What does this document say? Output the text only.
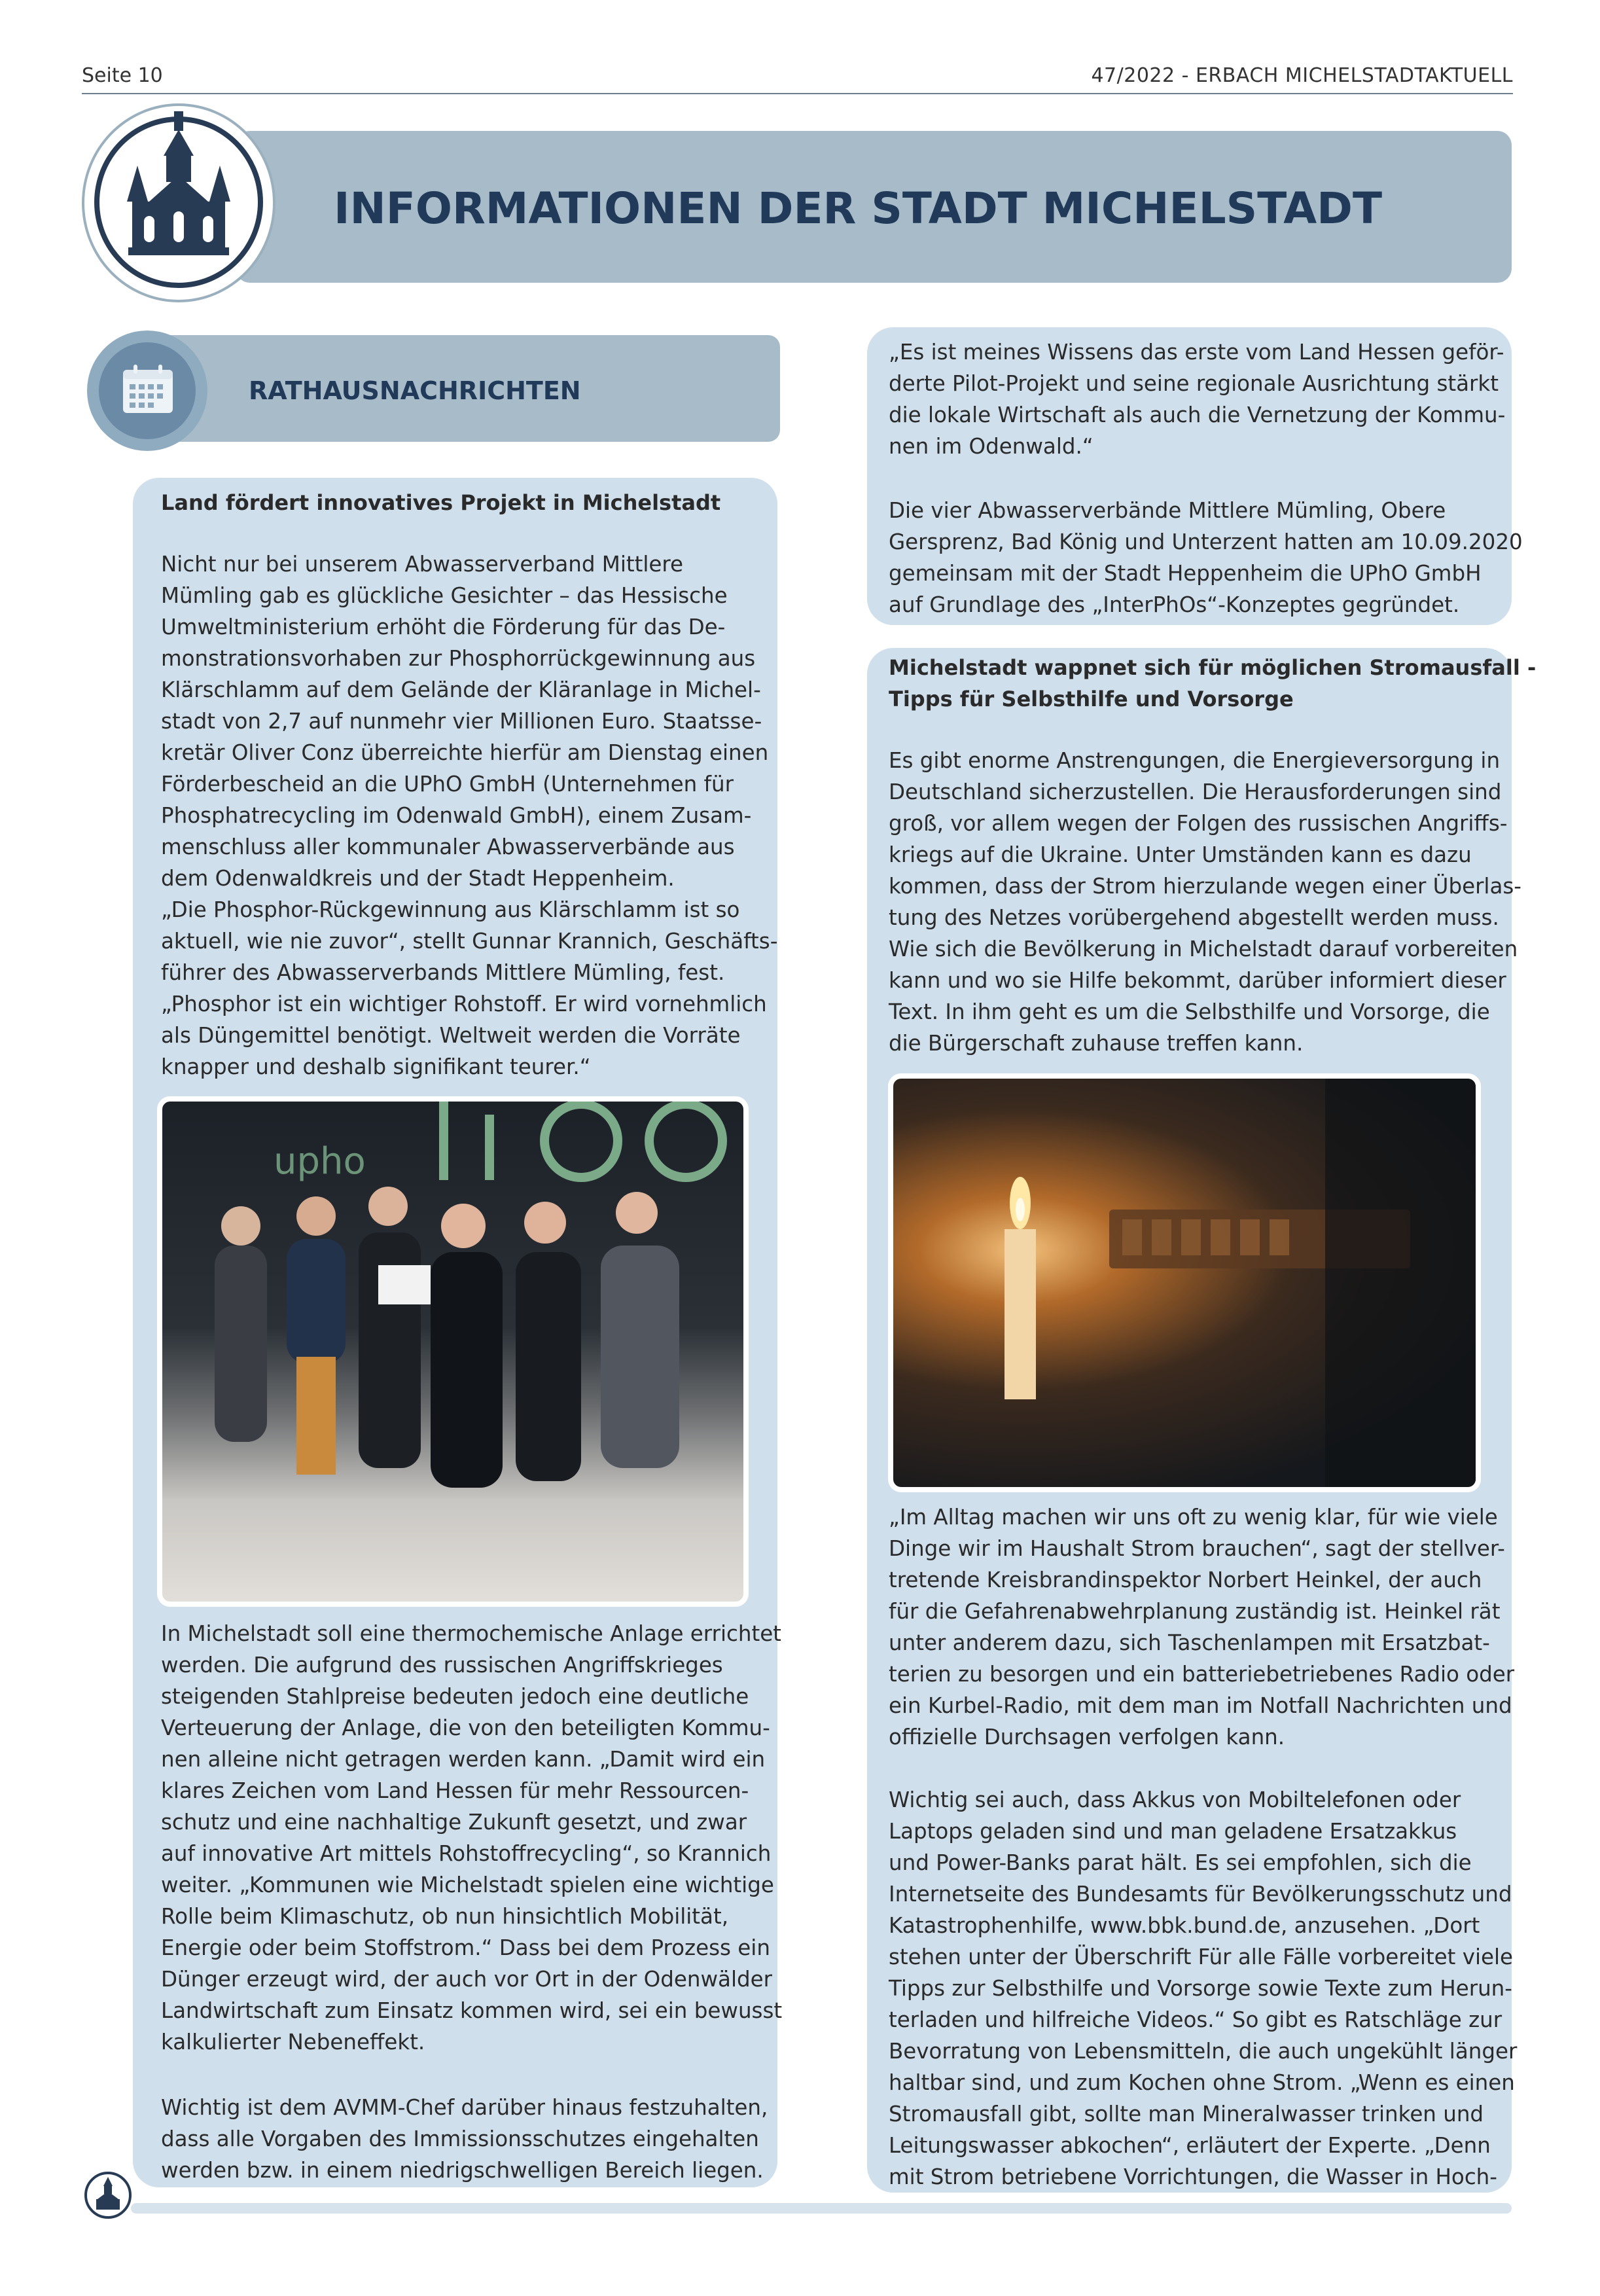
Seite 10	47/2022 - ERBACH MICHELSTADTAKTUELL
INFORMATIONEN DER STADT MICHELSTADT
RATHAUSNACHRICHTEN
Land fördert innovatives Projekt in Michelstadt
Nicht nur bei unserem Abwasserverband Mittlere
Mümling gab es glückliche Gesichter – das Hessische
Umweltministerium erhöht die Förderung für das De-
monstrationsvorhaben zur Phosphorrückgewinnung aus
Klärschlamm auf dem Gelände der Kläranlage in Michel-
stadt von 2,7 auf nunmehr vier Millionen Euro. Staatsse-
kretär Oliver Conz überreichte hierfür am Dienstag einen
Förderbescheid an die UPhO GmbH (Unternehmen für
Phosphatrecycling im Odenwald GmbH), einem Zusam-
menschluss aller kommunaler Abwasserverbände aus
dem Odenwaldkreis und der Stadt Heppenheim.
„Die Phosphor-Rückgewinnung aus Klärschlamm ist so
aktuell, wie nie zuvor“, stellt Gunnar Krannich, Geschäfts-
führer des Abwasserverbands Mittlere Mümling, fest.
„Phosphor ist ein wichtiger Rohstoff. Er wird vornehmlich
als Düngemittel benötigt. Weltweit werden die Vorräte
knapper und deshalb signifikant teurer.“
upho
In Michelstadt soll eine thermochemische Anlage errichtet
werden. Die aufgrund des russischen Angriffskrieges
steigenden Stahlpreise bedeuten jedoch eine deutliche
Verteuerung der Anlage, die von den beteiligten Kommu-
nen alleine nicht getragen werden kann. „Damit wird ein
klares Zeichen vom Land Hessen für mehr Ressourcen-
schutz und eine nachhaltige Zukunft gesetzt, und zwar
auf innovative Art mittels Rohstoffrecycling“, so Krannich
weiter. „Kommunen wie Michelstadt spielen eine wichtige
Rolle beim Klimaschutz, ob nun hinsichtlich Mobilität,
Energie oder beim Stoffstrom.“ Dass bei dem Prozess ein
Dünger erzeugt wird, der auch vor Ort in der Odenwälder
Landwirtschaft zum Einsatz kommen wird, sei ein bewusst
kalkulierter Nebeneffekt.
Wichtig ist dem AVMM-Chef darüber hinaus festzuhalten,
dass alle Vorgaben des Immissionsschutzes eingehalten
werden bzw. in einem niedrigschwelligen Bereich liegen.
„Es ist meines Wissens das erste vom Land Hessen geför-
derte Pilot-Projekt und seine regionale Ausrichtung stärkt
die lokale Wirtschaft als auch die Vernetzung der Kommu-
nen im Odenwald.“
Die vier Abwasserverbände Mittlere Mümling, Obere
Gersprenz, Bad König und Unterzent hatten am 10.09.2020
gemeinsam mit der Stadt Heppenheim die UPhO GmbH
auf Grundlage des „InterPhOs“-Konzeptes gegründet.
Michelstadt wappnet sich für möglichen Stromausfall -
Tipps für Selbsthilfe und Vorsorge
Es gibt enorme Anstrengungen, die Energieversorgung in
Deutschland sicherzustellen. Die Herausforderungen sind
groß, vor allem wegen der Folgen des russischen Angriffs-
kriegs auf die Ukraine. Unter Umständen kann es dazu
kommen, dass der Strom hierzulande wegen einer Überlas-
tung des Netzes vorübergehend abgestellt werden muss.
Wie sich die Bevölkerung in Michelstadt darauf vorbereiten
kann und wo sie Hilfe bekommt, darüber informiert dieser
Text. In ihm geht es um die Selbsthilfe und Vorsorge, die
die Bürgerschaft zuhause treffen kann.
„Im Alltag machen wir uns oft zu wenig klar, für wie viele
Dinge wir im Haushalt Strom brauchen“, sagt der stellver-
tretende Kreisbrandinspektor Norbert Heinkel, der auch
für die Gefahrenabwehrplanung zuständig ist. Heinkel rät
unter anderem dazu, sich Taschenlampen mit Ersatzbat-
terien zu besorgen und ein batteriebetriebenes Radio oder
ein Kurbel-Radio, mit dem man im Notfall Nachrichten und
offizielle Durchsagen verfolgen kann.
Wichtig sei auch, dass Akkus von Mobiltelefonen oder
Laptops geladen sind und man geladene Ersatzakkus
und Power-Banks parat hält. Es sei empfohlen, sich die
Internetseite des Bundesamts für Bevölkerungsschutz und
Katastrophenhilfe, www.bbk.bund.de, anzusehen. „Dort
stehen unter der Überschrift Für alle Fälle vorbereitet viele
Tipps zur Selbsthilfe und Vorsorge sowie Texte zum Herun-
terladen und hilfreiche Videos.“ So gibt es Ratschläge zur
Bevorratung von Lebensmitteln, die auch ungekühlt länger
haltbar sind, und zum Kochen ohne Strom. „Wenn es einen
Stromausfall gibt, sollte man Mineralwasser trinken und
Leitungswasser abkochen“, erläutert der Experte. „Denn
mit Strom betriebene Vorrichtungen, die Wasser in Hoch-
